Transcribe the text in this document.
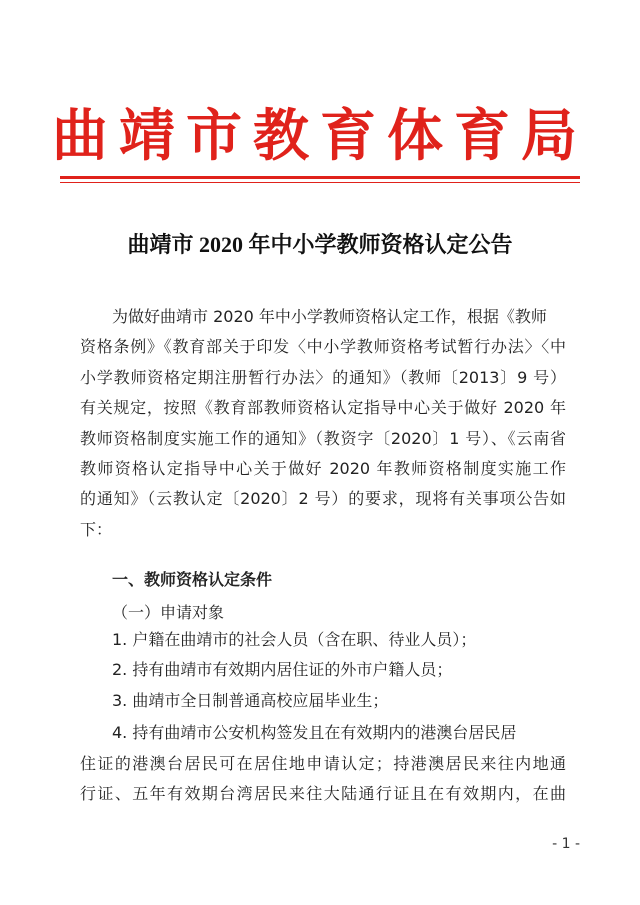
曲靖市教育体育局
曲靖市 2020 年中小学教师资格认定公告
为做好曲靖市 2020 年中小学教师资格认定工作，根据《教师
资格条例》《教育部关于印发〈中小学教师资格考试暂行办法〉〈中
小学教师资格定期注册暂行办法〉的通知》（教师〔2013〕9 号）
有关规定，按照《教育部教师资格认定指导中心关于做好 2020 年
教师资格制度实施工作的通知》（教资字〔2020〕1 号）、《云南省
教师资格认定指导中心关于做好 2020 年教师资格制度实施工作
的通知》（云教认定〔2020〕2 号）的要求，现将有关事项公告如
下：
一、教师资格认定条件
（一）申请对象
1. 户籍在曲靖市的社会人员（含在职、待业人员）；
2. 持有曲靖市有效期内居住证的外市户籍人员；
3. 曲靖市全日制普通高校应届毕业生；
4. 持有曲靖市公安机构签发且在有效期内的港澳台居民居
住证的港澳台居民可在居住地申请认定；持港澳居民来往内地通
行证、五年有效期台湾居民来往大陆通行证且在有效期内，在曲
- 1 -
